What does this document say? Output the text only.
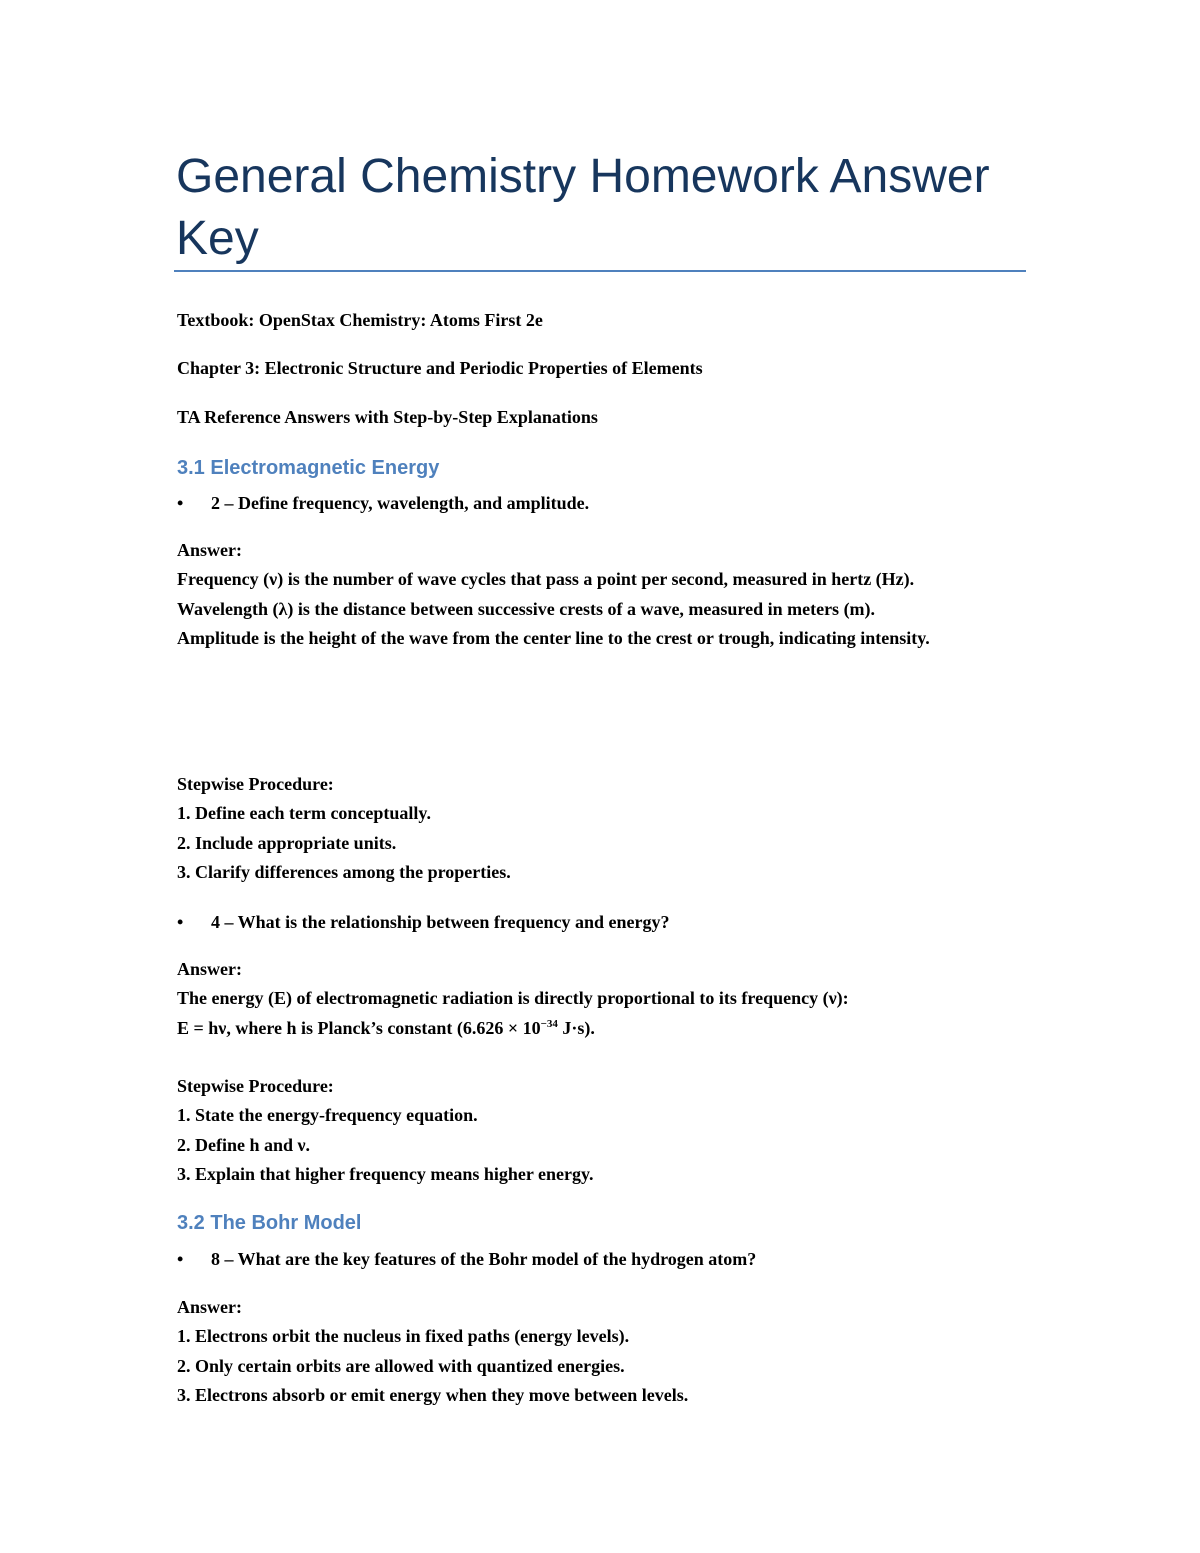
General Chemistry Homework Answer Key
Textbook: OpenStax Chemistry: Atoms First 2e
Chapter 3: Electronic Structure and Periodic Properties of Elements
TA Reference Answers with Step-by-Step Explanations
3.1 Electromagnetic Energy
• 2 – Define frequency, wavelength, and amplitude.
Answer:
Frequency (ν) is the number of wave cycles that pass a point per second, measured in hertz (Hz).
Wavelength (λ) is the distance between successive crests of a wave, measured in meters (m).
Amplitude is the height of the wave from the center line to the crest or trough, indicating intensity.
Stepwise Procedure:
1. Define each term conceptually.
2. Include appropriate units.
3. Clarify differences among the properties.
• 4 – What is the relationship between frequency and energy?
Answer:
The energy (E) of electromagnetic radiation is directly proportional to its frequency (ν):
E = hν, where h is Planck’s constant ($6.626 \times 10^{-34}$ J·s).
Stepwise Procedure:
1. State the energy-frequency equation.
2. Define h and ν.
3. Explain that higher frequency means higher energy.
3.2 The Bohr Model
• 8 – What are the key features of the Bohr model of the hydrogen atom?
Answer:
1. Electrons orbit the nucleus in fixed paths (energy levels).
2. Only certain orbits are allowed with quantized energies.
3. Electrons absorb or emit energy when they move between levels.
